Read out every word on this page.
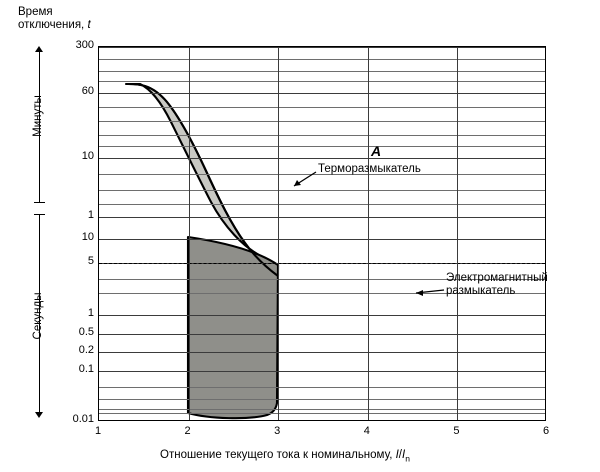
Время
отключения, t
Минуты
Секунды
300
60
10
1
10
5
1
0.5
0.2
0.1
0.01
A
Терморазмыкатель
Электромагнитный
размыкатель
1	2	3	4	5	6
Отношение текущего тока к номинальному, $I/I_n$
